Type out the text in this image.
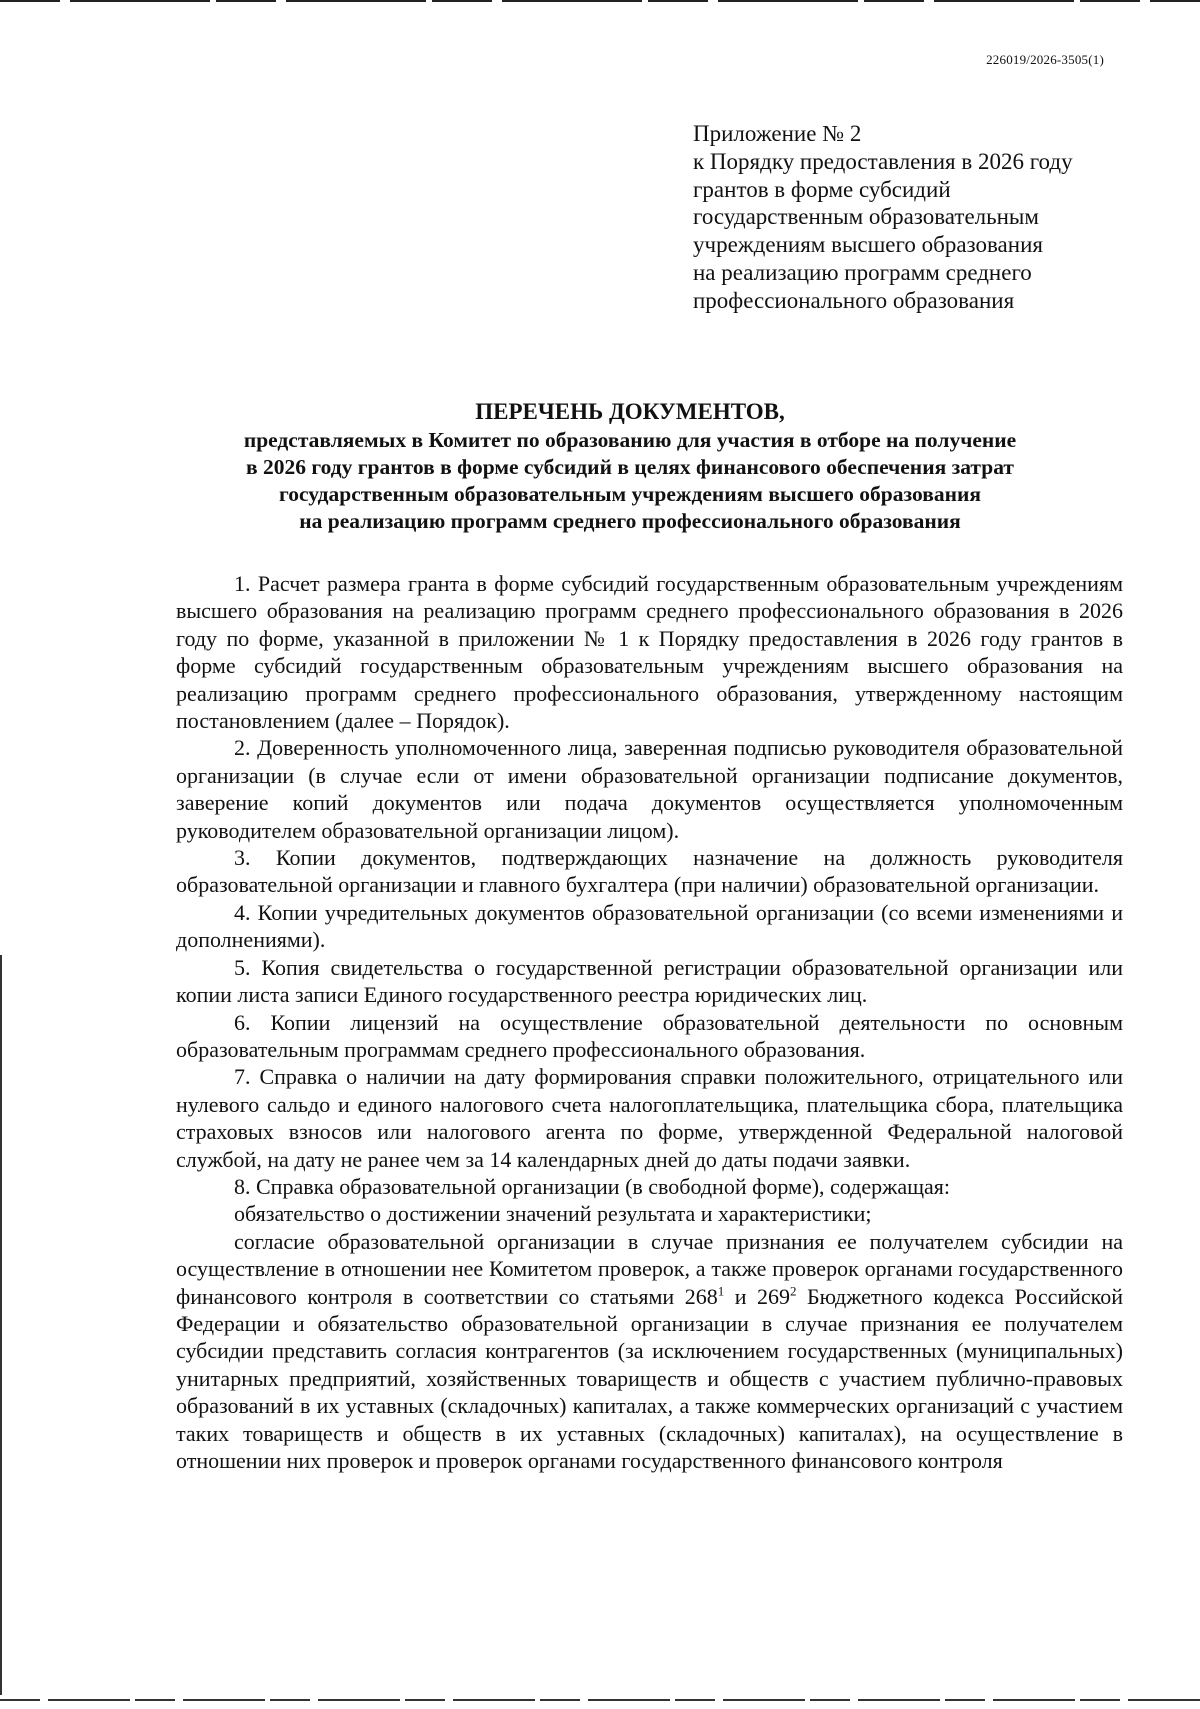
226019/2026-3505(1)
Приложение № 2
к Порядку предоставления в 2026 году
грантов в форме субсидий
государственным образовательным
учреждениям высшего образования
на реализацию программ среднего
профессионального образования
ПЕРЕЧЕНЬ ДОКУМЕНТОВ,
представляемых в Комитет по образованию для участия в отборе на получение
в 2026 году грантов в форме субсидий в целях финансового обеспечения затрат
государственным образовательным учреждениям высшего образования
на реализацию программ среднего профессионального образования

1. Расчет размера гранта в форме субсидий государственным образовательным учреждениям высшего образования на реализацию программ среднего профессионального образования в 2026 году по форме, указанной в приложении № 1 к Порядку предоставления в 2026 году грантов в форме субсидий государственным образовательным учреждениям высшего образования на реализацию программ среднего профессионального образования, утвержденному настоящим постановлением (далее – Порядок).

2. Доверенность уполномоченного лица, заверенная подписью руководителя образовательной организации (в случае если от имени образовательной организации подписание документов, заверение копий документов или подача документов осуществляется уполномоченным руководителем образовательной организации лицом).

3. Копии документов, подтверждающих назначение на должность руководителя образовательной организации и главного бухгалтера (при наличии) образовательной организации.

4. Копии учредительных документов образовательной организации (со всеми изменениями и дополнениями).

5. Копия свидетельства о государственной регистрации образовательной организации или копии листа записи Единого государственного реестра юридических лиц.

6. Копии лицензий на осуществление образовательной деятельности по основным образовательным программам среднего профессионального образования.

7. Справка о наличии на дату формирования справки положительного, отрицательного или нулевого сальдо и единого налогового счета налогоплательщика, плательщика сбора, плательщика страховых взносов или налогового агента по форме, утвержденной Федеральной налоговой службой, на дату не ранее чем за 14 календарных дней до даты подачи заявки.

8. Справка образовательной организации (в свободной форме), содержащая:

обязательство о достижении значений результата и характеристики;

согласие образовательной организации в случае признания ее получателем субсидии на осуществление в отношении нее Комитетом проверок, а также проверок органами государственного финансового контроля в соответствии со статьями $268^1$ и $269^2$ Бюджетного кодекса Российской Федерации и обязательство образовательной организации в случае признания ее получателем субсидии представить согласия контрагентов (за исключением государственных (муниципальных) унитарных предприятий, хозяйственных товариществ и обществ с участием публично-правовых образований в их уставных (складочных) капиталах, а также коммерческих организаций с участием таких товариществ и обществ в их уставных (складочных) капиталах), на осуществление в отношении них проверок и проверок органами государственного финансового контроля
